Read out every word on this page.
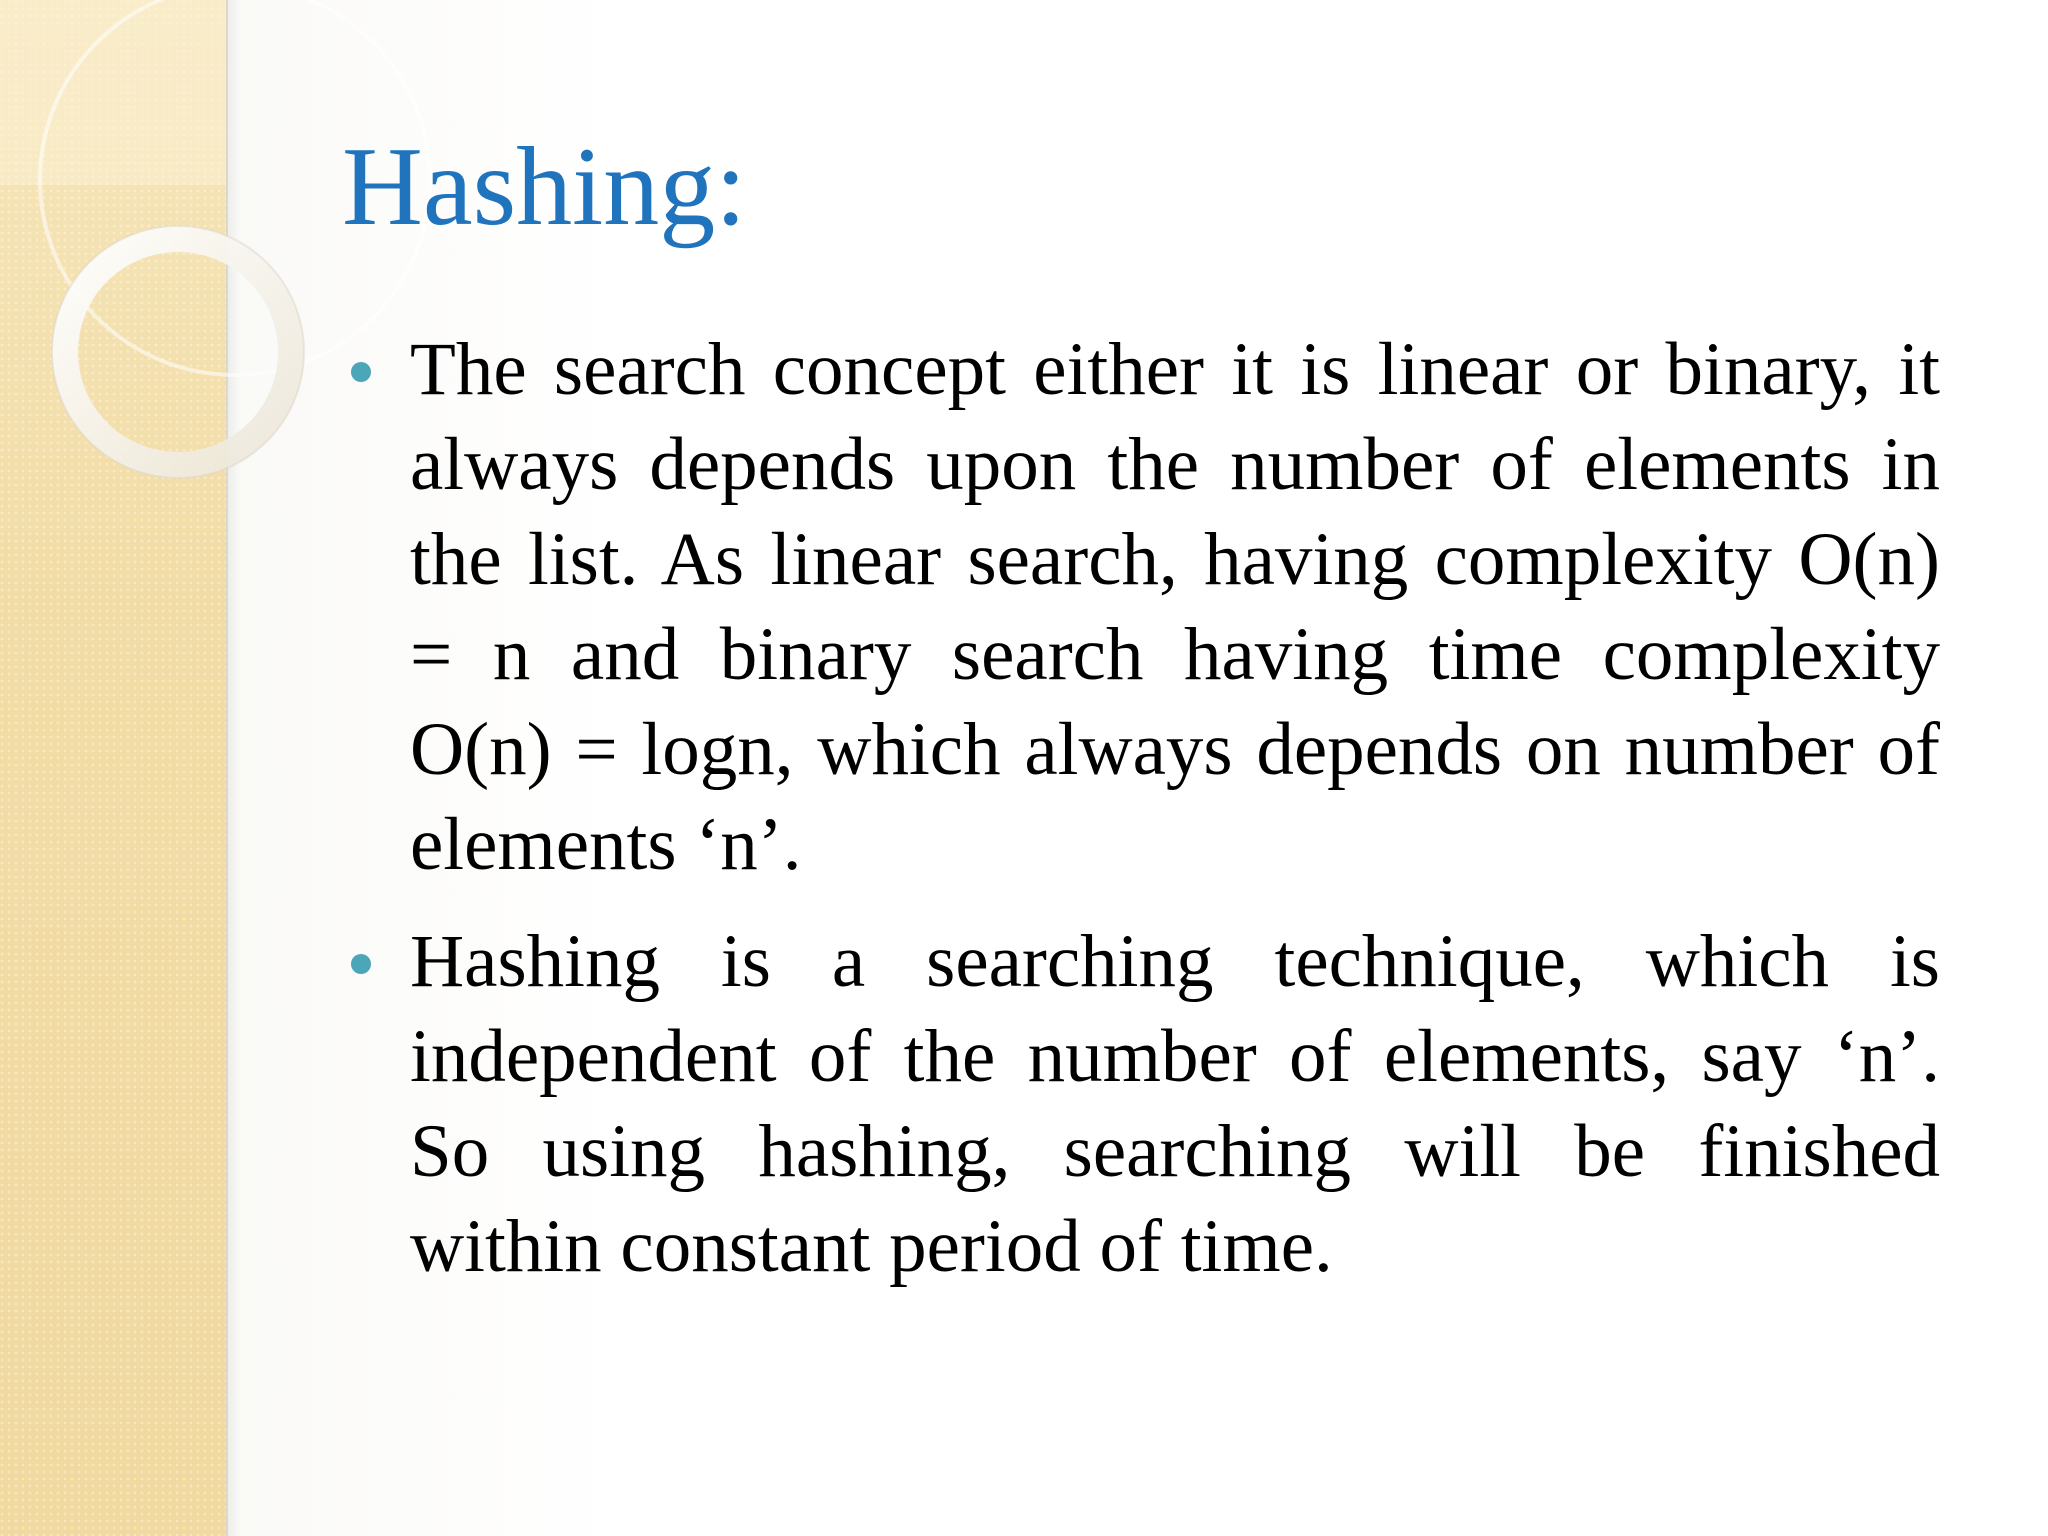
Hashing:
The search concept either it is linear or binary, it always depends upon the number of elements in the list. As linear search, having complexity O(n) = n and binary search having time complexity O(n) = logn, which always depends on number of elements ‘n’.
Hashing is a searching technique, which is independent of the number of elements, say ‘n’. So using hashing, searching will be finished within constant period of time.
